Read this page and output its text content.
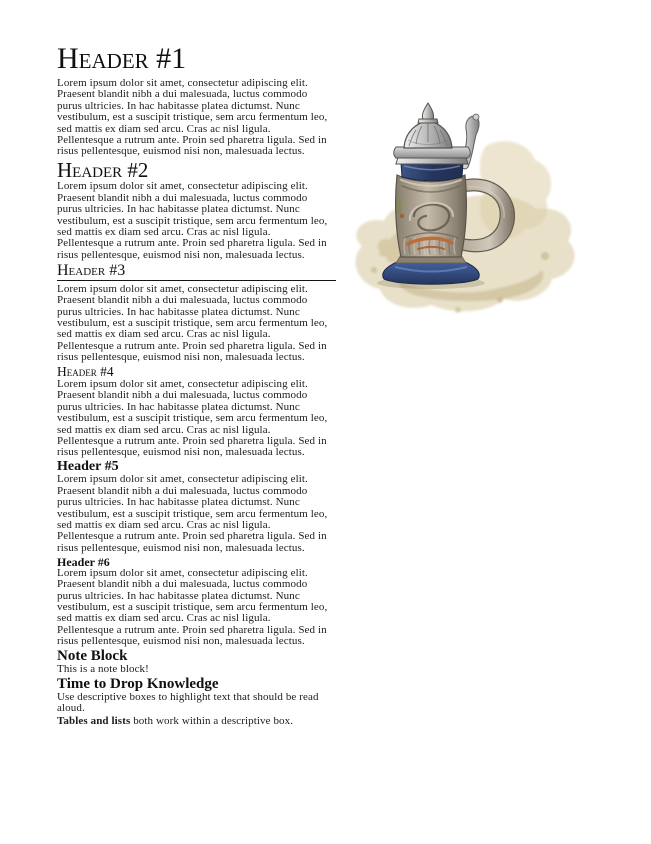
Header #1

Lorem ipsum dolor sit amet, consectetur adipiscing elit. Praesent blandit nibh a dui malesuada, luctus commodo purus ultricies. In hac habitasse platea dictumst. Nunc vestibulum, est a suscipit tristique, sem arcu fermentum leo, sed mattis ex diam sed arcu. Cras ac nisl ligula. Pellentesque a rutrum ante. Proin sed pharetra ligula. Sed in risus pellentesque, euismod nisi non, malesuada lectus.

Header #2

Lorem ipsum dolor sit amet, consectetur adipiscing elit. Praesent blandit nibh a dui malesuada, luctus commodo purus ultricies. In hac habitasse platea dictumst. Nunc vestibulum, est a suscipit tristique, sem arcu fermentum leo, sed mattis ex diam sed arcu. Cras ac nisl ligula. Pellentesque a rutrum ante. Proin sed pharetra ligula. Sed in risus pellentesque, euismod nisi non, malesuada lectus.

Header #3

Lorem ipsum dolor sit amet, consectetur adipiscing elit. Praesent blandit nibh a dui malesuada, luctus commodo purus ultricies. In hac habitasse platea dictumst. Nunc vestibulum, est a suscipit tristique, sem arcu fermentum leo, sed mattis ex diam sed arcu. Cras ac nisl ligula. Pellentesque a rutrum ante. Proin sed pharetra ligula. Sed in risus pellentesque, euismod nisi non, malesuada lectus.

Header #4

Lorem ipsum dolor sit amet, consectetur adipiscing elit. Praesent blandit nibh a dui malesuada, luctus commodo purus ultricies. In hac habitasse platea dictumst. Nunc vestibulum, est a suscipit tristique, sem arcu fermentum leo, sed mattis ex diam sed arcu. Cras ac nisl ligula. Pellentesque a rutrum ante. Proin sed pharetra ligula. Sed in risus pellentesque, euismod nisi non, malesuada lectus.

Header #5

Lorem ipsum dolor sit amet, consectetur adipiscing elit. Praesent blandit nibh a dui malesuada, luctus commodo purus ultricies. In hac habitasse platea dictumst. Nunc vestibulum, est a suscipit tristique, sem arcu fermentum leo, sed mattis ex diam sed arcu. Cras ac nisl ligula. Pellentesque a rutrum ante. Proin sed pharetra ligula. Sed in risus pellentesque, euismod nisi non, malesuada lectus.

Header #6

Lorem ipsum dolor sit amet, consectetur adipiscing elit. Praesent blandit nibh a dui malesuada, luctus commodo purus ultricies. In hac habitasse platea dictumst. Nunc vestibulum, est a suscipit tristique, sem arcu fermentum leo, sed mattis ex diam sed arcu. Cras ac nisl ligula. Pellentesque a rutrum ante. Proin sed pharetra ligula. Sed in risus pellentesque, euismod nisi non, malesuada lectus.

Note Block

This is a note block!

Time to Drop Knowledge

Use descriptive boxes to highlight text that should be read aloud.

Tables and lists both work within a descriptive box.
